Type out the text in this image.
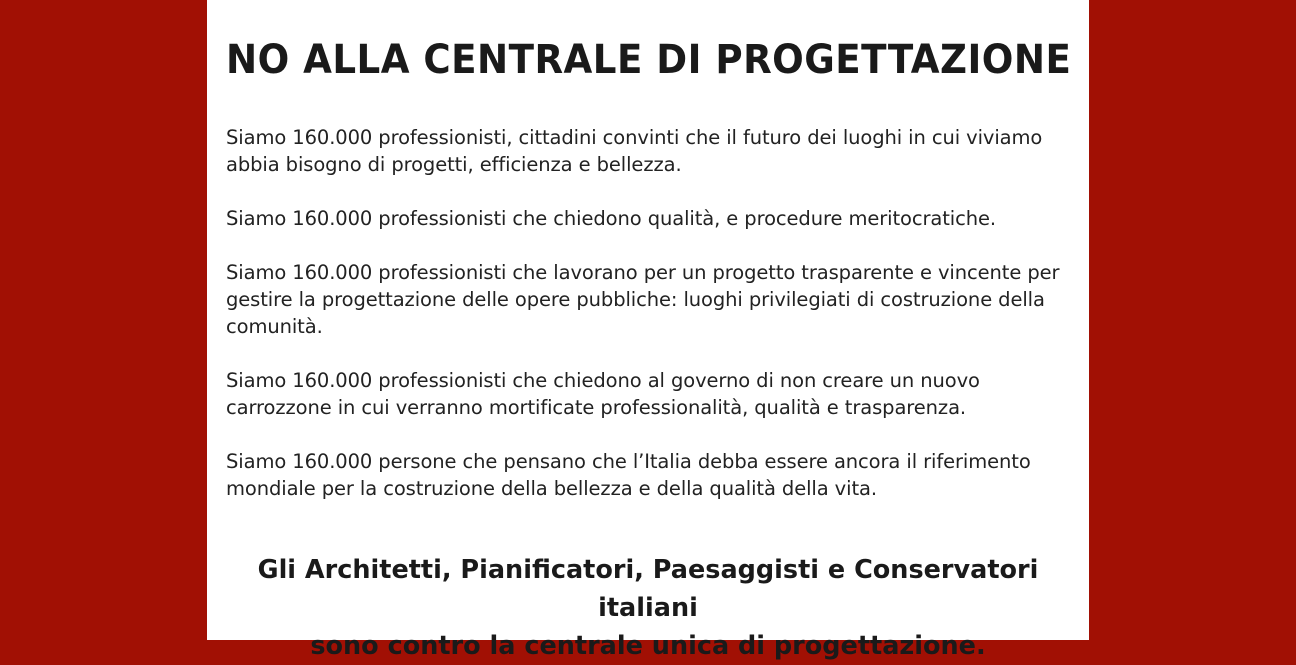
NO ALLA CENTRALE DI PROGETTAZIONE

Siamo 160.000 professionisti, cittadini convinti che il futuro dei luoghi in cui viviamo abbia bisogno di progetti, efficienza e bellezza.

Siamo 160.000 professionisti che chiedono qualità, e procedure meritocratiche.

Siamo 160.000 professionisti che lavorano per un progetto trasparente e vincente per gestire la progettazione delle opere pubbliche: luoghi privilegiati di costruzione della comunità.

Siamo 160.000 professionisti che chiedono al governo di non creare un nuovo carrozzone in cui verranno mortificate professionalità, qualità e trasparenza.

Siamo 160.000 persone che pensano che l’Italia debba essere ancora il riferimento mondiale per la costruzione della bellezza e della qualità della vita.

Gli Architetti, Pianificatori, Paesaggisti e Conservatori italiani
sono contro la centrale unica di progettazione.
